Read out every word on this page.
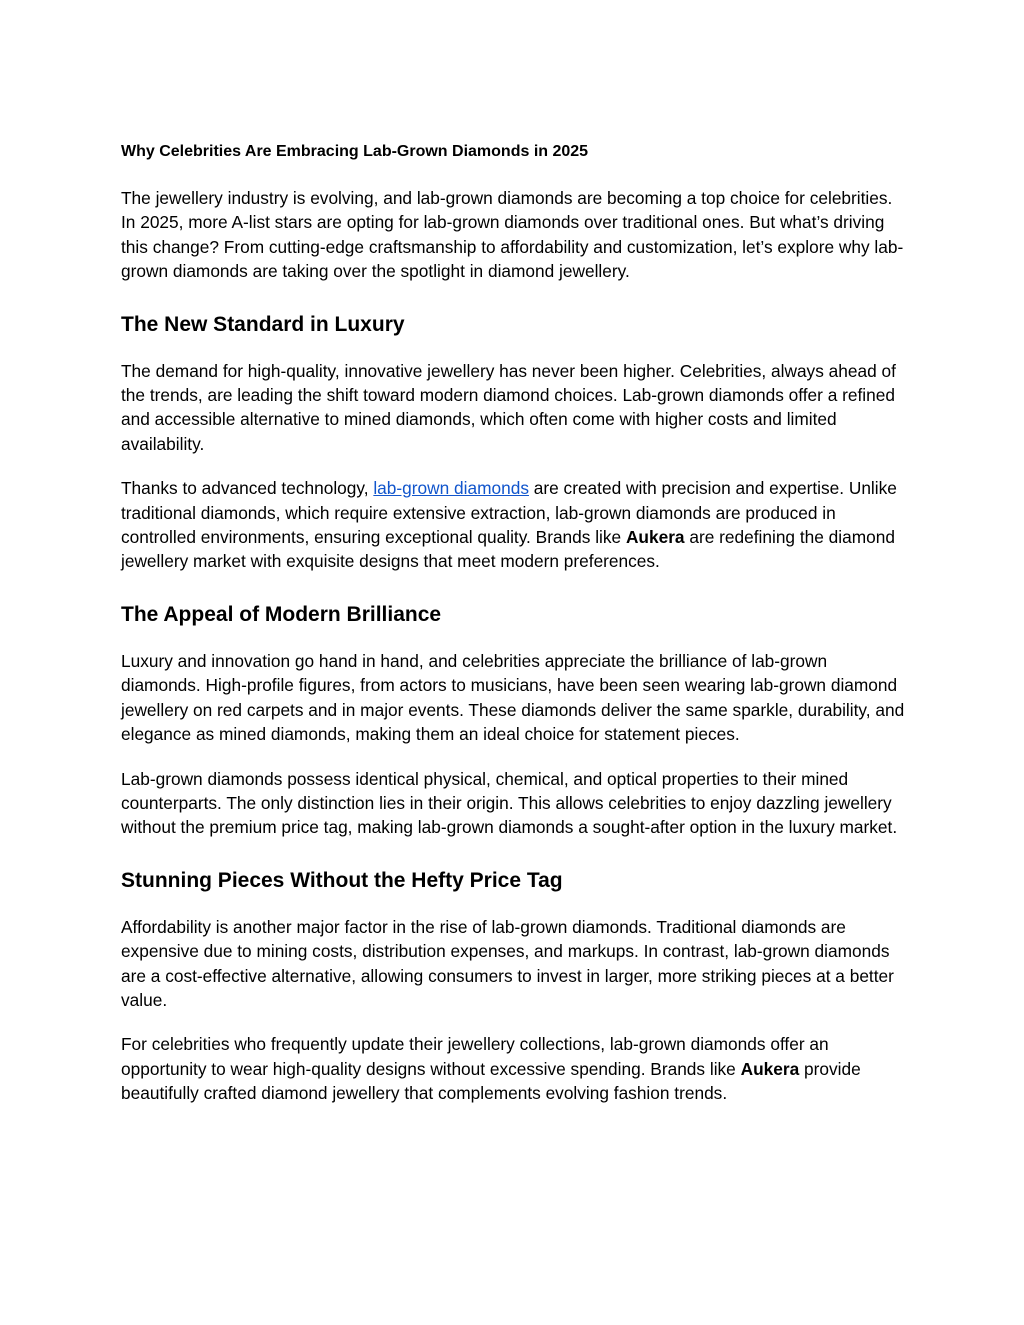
Why Celebrities Are Embracing Lab-Grown Diamonds in 2025

The jewellery industry is evolving, and lab-grown diamonds are becoming a top choice for celebrities. In 2025, more A-list stars are opting for lab-grown diamonds over traditional ones. But what’s driving this change? From cutting-edge craftsmanship to affordability and customization, let’s explore why lab-grown diamonds are taking over the spotlight in diamond jewellery.

The New Standard in Luxury

The demand for high-quality, innovative jewellery has never been higher. Celebrities, always ahead of the trends, are leading the shift toward modern diamond choices. Lab-grown diamonds offer a refined and accessible alternative to mined diamonds, which often come with higher costs and limited availability.

Thanks to advanced technology, lab-grown diamonds are created with precision and expertise. Unlike traditional diamonds, which require extensive extraction, lab-grown diamonds are produced in controlled environments, ensuring exceptional quality. Brands like Aukera are redefining the diamond jewellery market with exquisite designs that meet modern preferences.

The Appeal of Modern Brilliance

Luxury and innovation go hand in hand, and celebrities appreciate the brilliance of lab-grown diamonds. High-profile figures, from actors to musicians, have been seen wearing lab-grown diamond jewellery on red carpets and in major events. These diamonds deliver the same sparkle, durability, and elegance as mined diamonds, making them an ideal choice for statement pieces.

Lab-grown diamonds possess identical physical, chemical, and optical properties to their mined counterparts. The only distinction lies in their origin. This allows celebrities to enjoy dazzling jewellery without the premium price tag, making lab-grown diamonds a sought-after option in the luxury market.

Stunning Pieces Without the Hefty Price Tag

Affordability is another major factor in the rise of lab-grown diamonds. Traditional diamonds are expensive due to mining costs, distribution expenses, and markups. In contrast, lab-grown diamonds are a cost-effective alternative, allowing consumers to invest in larger, more striking pieces at a better value.

For celebrities who frequently update their jewellery collections, lab-grown diamonds offer an opportunity to wear high-quality designs without excessive spending. Brands like Aukera provide beautifully crafted diamond jewellery that complements evolving fashion trends.
